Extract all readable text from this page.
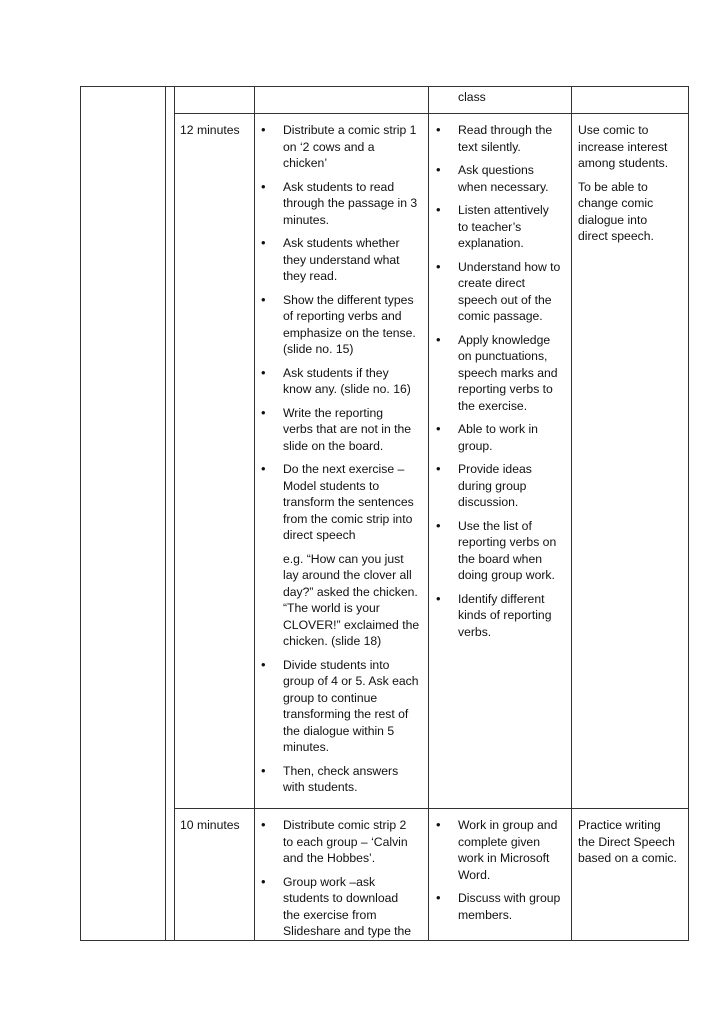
class

12 minutes	• Distribute a comic strip 1
on ‘2 cows and a
chicken’
• Ask students to read
through the passage in 3
minutes.
• Ask students whether
they understand what
they read.
• Show the different types
of reporting verbs and
emphasize on the tense.
(slide no. 15)
• Ask students if they
know any. (slide no. 16)
• Write the reporting
verbs that are not in the
slide on the board.
• Do the next exercise –
Model students to
transform the sentences
from the comic strip into
direct speech
e.g. “How can you just
lay around the clover all
day?” asked the chicken.
“The world is your
CLOVER!” exclaimed the
chicken. (slide 18)
• Divide students into
group of 4 or 5. Ask each
group to continue
transforming the rest of
the dialogue within 5
minutes.
• Then, check answers
with students.
• Read through the
text silently.
• Ask questions
when necessary.
• Listen attentively
to teacher’s
explanation.
• Understand how to
create direct
speech out of the
comic passage.
• Apply knowledge
on punctuations,
speech marks and
reporting verbs to
the exercise.
• Able to work in
group.
• Provide ideas
during group
discussion.
• Use the list of
reporting verbs on
the board when
doing group work.
• Identify different
kinds of reporting
verbs.

Use comic to
increase interest
among students.

To be able to
change comic
dialogue into
direct speech.

10 minutes	• Distribute comic strip 2
to each group – ‘Calvin
and the Hobbes’.
• Group work –ask
students to download
the exercise from
Slideshare and type the
• Work in group and
complete given
work in Microsoft
Word.
• Discuss with group
members.

Practice writing
the Direct Speech
based on a comic.
